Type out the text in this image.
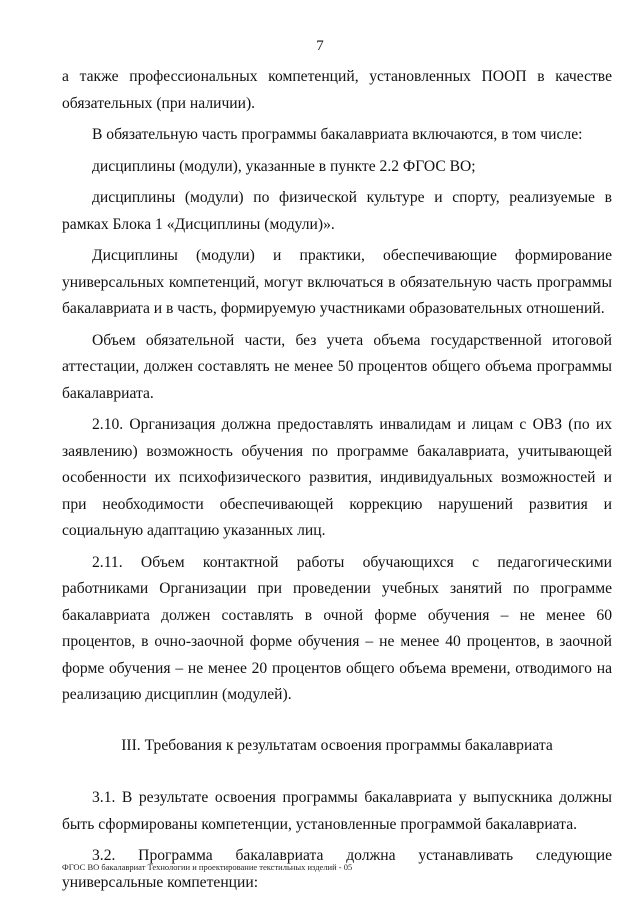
7

а также профессиональных компетенций, установленных ПООП в качестве обязательных (при наличии).

В обязательную часть программы бакалавриата включаются, в том числе:

дисциплины (модули), указанные в пункте 2.2 ФГОС ВО;

дисциплины (модули) по физической культуре и спорту, реализуемые в рамках Блока 1 «Дисциплины (модули)».

Дисциплины (модули) и практики, обеспечивающие формирование универсальных компетенций, могут включаться в обязательную часть программы бакалавриата и в часть, формируемую участниками образовательных отношений.

Объем обязательной части, без учета объема государственной итоговой аттестации, должен составлять не менее 50 процентов общего объема программы бакалавриата.

2.10. Организация должна предоставлять инвалидам и лицам с ОВЗ (по их заявлению) возможность обучения по программе бакалавриата, учитывающей особенности их психофизического развития, индивидуальных возможностей и при необходимости обеспечивающей коррекцию нарушений развития и социальную адаптацию указанных лиц.

2.11. Объем контактной работы обучающихся с педагогическими работниками Организации при проведении учебных занятий по программе бакалавриата должен составлять в очной форме обучения – не менее 60 процентов, в очно-заочной форме обучения – не менее 40 процентов, в заочной форме обучения – не менее 20 процентов общего объема времени, отводимого на реализацию дисциплин (модулей).

III. Требования к результатам освоения программы бакалавриата

3.1. В результате освоения программы бакалавриата у выпускника должны быть сформированы компетенции, установленные программой бакалавриата.

3.2. Программа бакалавриата должна устанавливать следующие универсальные компетенции:

ФГОС ВО бакалавриат Технологии и проектирование текстильных изделий - 05
